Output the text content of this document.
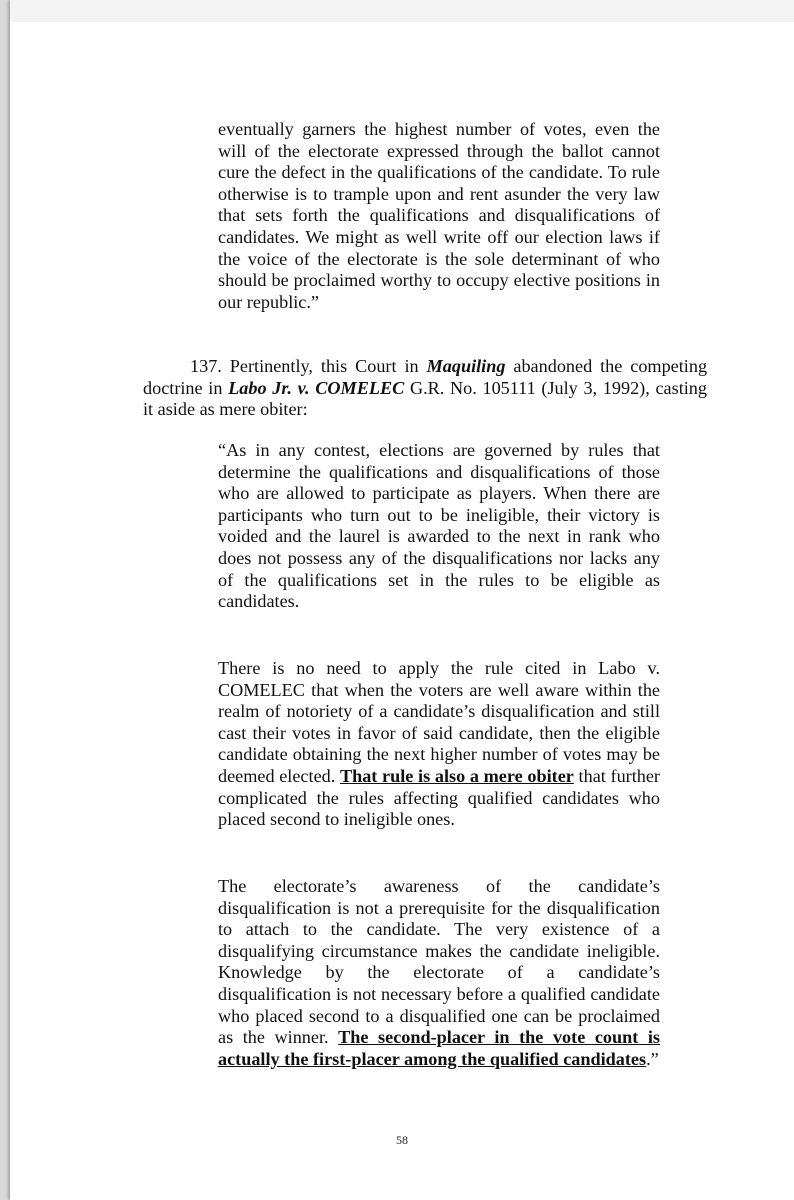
eventually garners the highest number of votes, even the will of the electorate expressed through the ballot cannot cure the defect in the qualifications of the candidate. To rule otherwise is to trample upon and rent asunder the very law that sets forth the qualifications and disqualifications of candidates. We might as well write off our election laws if the voice of the electorate is the sole determinant of who should be proclaimed worthy to occupy elective positions in our republic.”
137. Pertinently, this Court in Maquiling abandoned the competing doctrine in Labo Jr. v. COMELEC G.R. No. 105111 (July 3, 1992), casting it aside as mere obiter:
“As in any contest, elections are governed by rules that determine the qualifications and disqualifications of those who are allowed to participate as players. When there are participants who turn out to be ineligible, their victory is voided and the laurel is awarded to the next in rank who does not possess any of the disqualifications nor lacks any of the qualifications set in the rules to be eligible as candidates.
There is no need to apply the rule cited in Labo v. COMELEC that when the voters are well aware within the realm of notoriety of a candidate’s disqualification and still cast their votes in favor of said candidate, then the eligible candidate obtaining the next higher number of votes may be deemed elected. That rule is also a mere obiter that further complicated the rules affecting qualified candidates who placed second to ineligible ones.
The electorate’s awareness of the candidate’s disqualification is not a prerequisite for the disqualification to attach to the candidate. The very existence of a disqualifying circumstance makes the candidate ineligible. Knowledge by the electorate of a candidate’s disqualification is not necessary before a qualified candidate who placed second to a disqualified one can be proclaimed as the winner. The second-placer in the vote count is actually the first-placer among the qualified candidates.”
58
